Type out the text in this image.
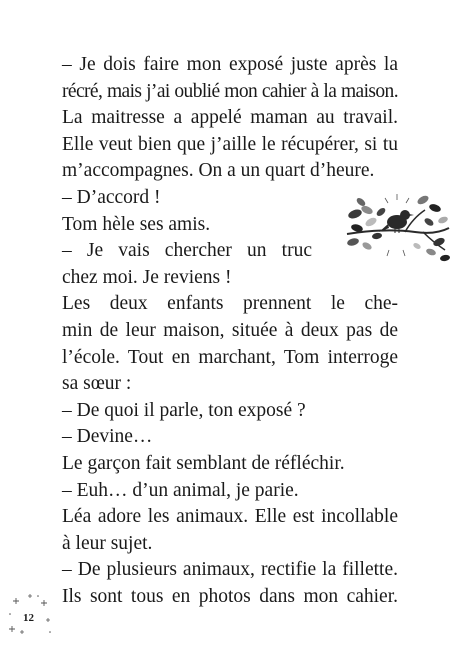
– Je dois faire mon exposé juste après la
récré, mais j’ai oublié mon cahier à la maison.
La maitresse a appelé maman au travail.
Elle veut bien que j’aille le récupérer, si tu
m’accompagnes. On a un quart d’heure.
– D’accord !
Tom hèle ses amis.
– Je vais chercher un truc
chez moi. Je reviens !
Les deux enfants prennent le che-
min de leur maison, située à deux pas de
l’école. Tout en marchant, Tom interroge
sa sœur :
– De quoi il parle, ton exposé ?
– Devine…
Le garçon fait semblant de réfléchir.
– Euh… d’un animal, je parie.
Léa adore les animaux. Elle est incollable
à leur sujet.
– De plusieurs animaux, rectifie la fillette.
Ils sont tous en photos dans mon cahier.
12
